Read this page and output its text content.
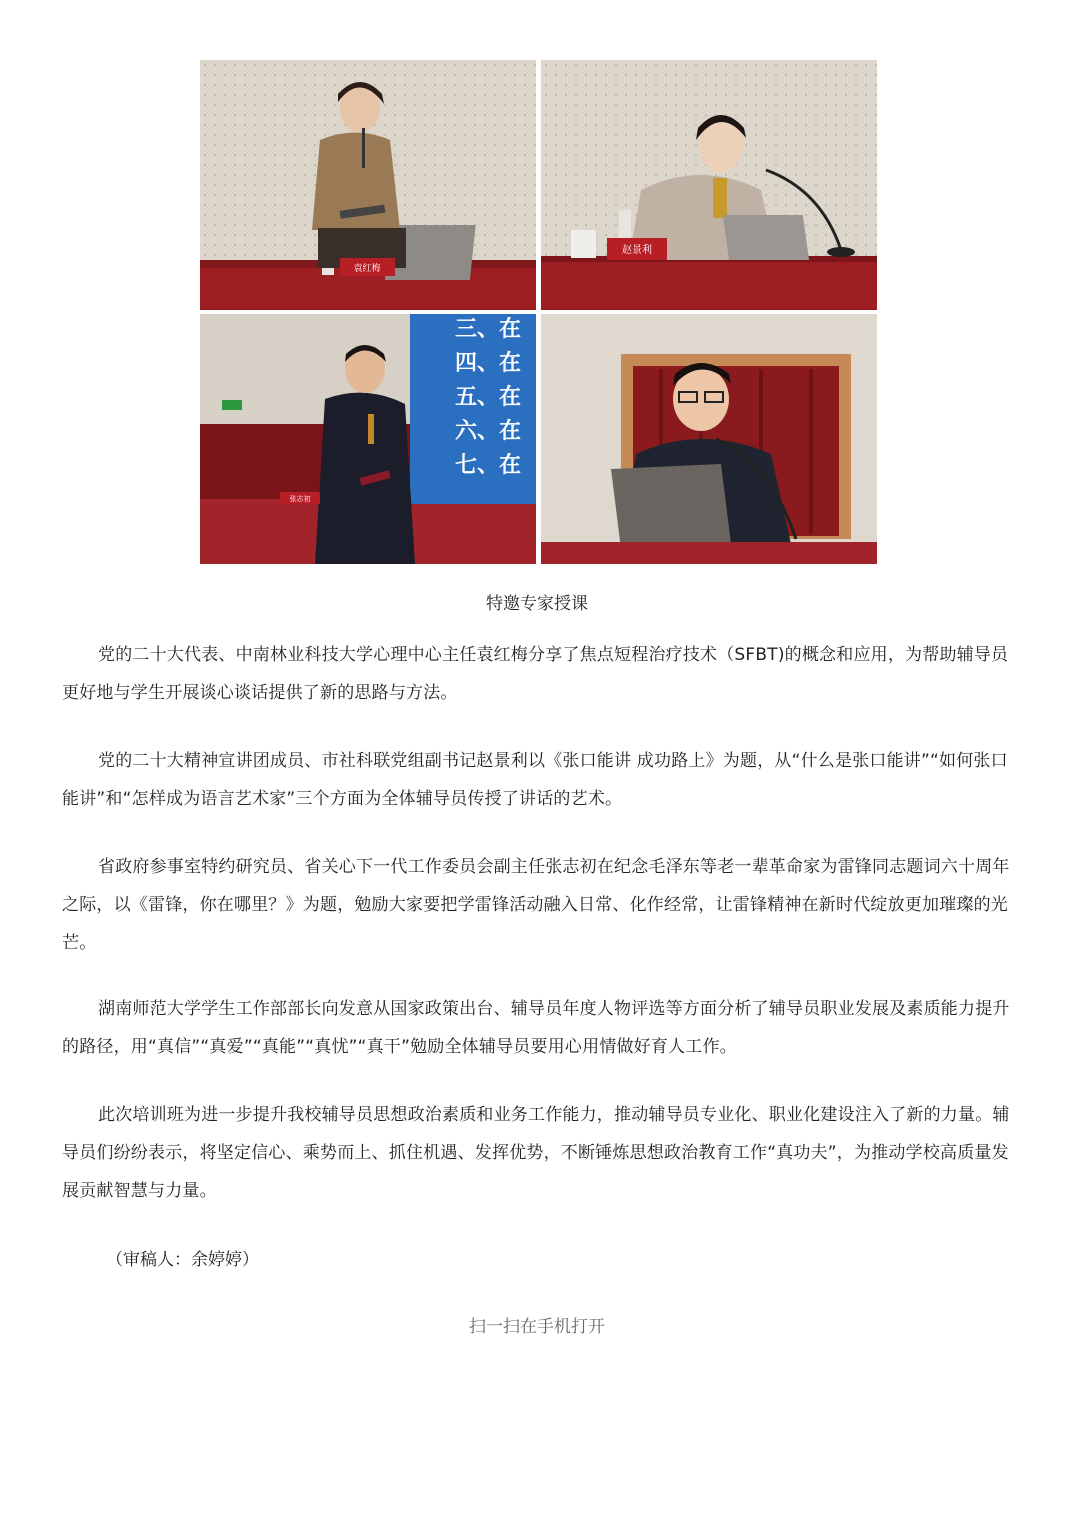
袁红梅
赵景利
三、在
四、在
五、在
六、在
七、在
张志初
特邀专家授课

党的二十大代表、中南林业科技大学心理中心主任袁红梅分享了焦点短程治疗技术（SFBT)的概念和应用，为帮助辅导员更好地与学生开展谈心谈话提供了新的思路与方法。

党的二十大精神宣讲团成员、市社科联党组副书记赵景利以《张口能讲 成功路上》为题，从“什么是张口能讲”“如何张口能讲”和“怎样成为语言艺术家”三个方面为全体辅导员传授了讲话的艺术。

省政府参事室特约研究员、省关心下一代工作委员会副主任张志初在纪念毛泽东等老一辈革命家为雷锋同志题词六十周年之际，以《雷锋，你在哪里？》为题，勉励大家要把学雷锋活动融入日常、化作经常，让雷锋精神在新时代绽放更加璀璨的光芒。

湖南师范大学学生工作部部长向发意从国家政策出台、辅导员年度人物评选等方面分析了辅导员职业发展及素质能力提升的路径，用“真信”“真爱”“真能”“真忧”“真干”勉励全体辅导员要用心用情做好育人工作。

此次培训班为进一步提升我校辅导员思想政治素质和业务工作能力，推动辅导员专业化、职业化建设注入了新的力量。辅导员们纷纷表示，将坚定信心、乘势而上、抓住机遇、发挥优势，不断锤炼思想政治教育工作“真功夫”，为推动学校高质量发展贡献智慧与力量。

（审稿人：余婷婷）
扫一扫在手机打开
